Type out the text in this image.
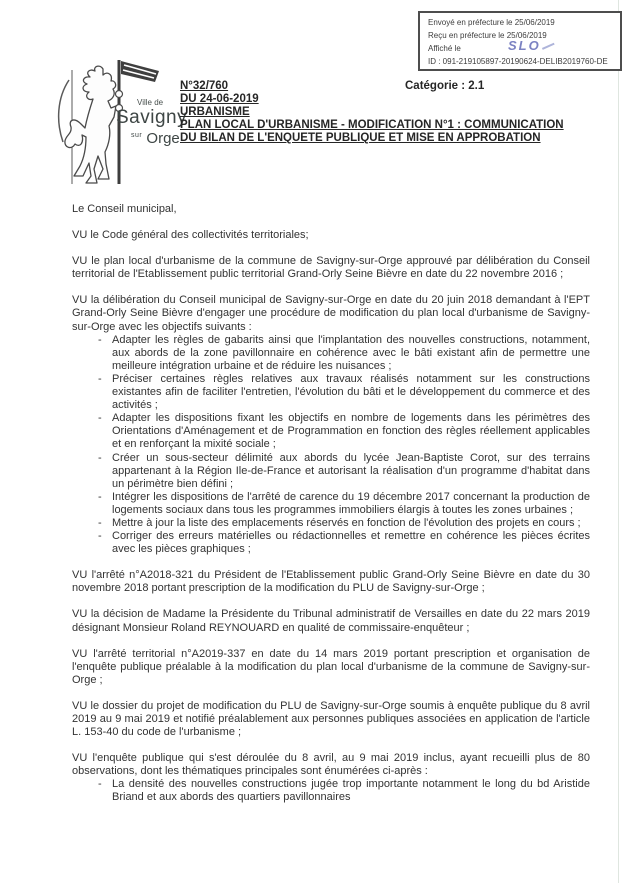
Envoyé en préfecture le 25/06/2019
Reçu en préfecture le 25/06/2019
Affiché le	SLO
ID : 091-219105897-20190624-DELIB2019760-DE
Ville de
Savigny
$^{sur}$ Orge
N°32/760	Catégorie : 2.1
DU 24-06-2019
URBANISME
PLAN LOCAL D'URBANISME - MODIFICATION N°1 : COMMUNICATION
DU BILAN DE L'ENQUETE PUBLIQUE ET MISE EN APPROBATION
Le Conseil municipal,
VU le Code général des collectivités territoriales;
VU le plan local d'urbanisme de la commune de Savigny-sur-Orge approuvé par délibération du Conseil territorial de l'Etablissement public territorial Grand-Orly Seine Bièvre en date du 22 novembre 2016 ;
VU la délibération du Conseil municipal de Savigny-sur-Orge en date du 20 juin 2018 demandant à l'EPT Grand-Orly Seine Bièvre d'engager une procédure de modification du plan local d'urbanisme de Savigny-sur-Orge avec les objectifs suivants :
- Adapter les règles de gabarits ainsi que l'implantation des nouvelles constructions, notamment, aux abords de la zone pavillonnaire en cohérence avec le bâti existant afin de permettre une meilleure intégration urbaine et de réduire les nuisances ;
- Préciser certaines règles relatives aux travaux réalisés notamment sur les constructions existantes afin de faciliter l'entretien, l'évolution du bâti et le développement du commerce et des activités ;
- Adapter les dispositions fixant les objectifs en nombre de logements dans les périmètres des Orientations d'Aménagement et de Programmation en fonction des règles réellement applicables et en renforçant la mixité sociale ;
- Créer un sous-secteur délimité aux abords du lycée Jean-Baptiste Corot, sur des terrains appartenant à la Région Ile-de-France et autorisant la réalisation d'un programme d'habitat dans un périmètre bien défini ;
- Intégrer les dispositions de l'arrêté de carence du 19 décembre 2017 concernant la production de logements sociaux dans tous les programmes immobiliers élargis à toutes les zones urbaines ;
- Mettre à jour la liste des emplacements réservés en fonction de l'évolution des projets en cours ;
- Corriger des erreurs matérielles ou rédactionnelles et remettre en cohérence les pièces écrites avec les pièces graphiques ;
VU l'arrêté n°A2018-321 du Président de l'Etablissement public Grand-Orly Seine Bièvre en date du 30 novembre 2018 portant prescription de la modification du PLU de Savigny-sur-Orge ;
VU la décision de Madame la Présidente du Tribunal administratif de Versailles en date du 22 mars 2019 désignant Monsieur Roland REYNOUARD en qualité de commissaire-enquêteur ;
VU l'arrêté territorial n°A2019-337 en date du 14 mars 2019 portant prescription et organisation de l'enquête publique préalable à la modification du plan local d'urbanisme de la commune de Savigny-sur-Orge ;
VU le dossier du projet de modification du PLU de Savigny-sur-Orge soumis à enquête publique du 8 avril 2019 au 9 mai 2019 et notifié préalablement aux personnes publiques associées en application de l'article L. 153-40 du code de l'urbanisme ;
VU l'enquête publique qui s'est déroulée du 8 avril, au 9 mai 2019 inclus, ayant recueilli plus de 80 observations, dont les thématiques principales sont énumérées ci-après :
- La densité des nouvelles constructions jugée trop importante notamment le long du bd Aristide Briand et aux abords des quartiers pavillonnaires
